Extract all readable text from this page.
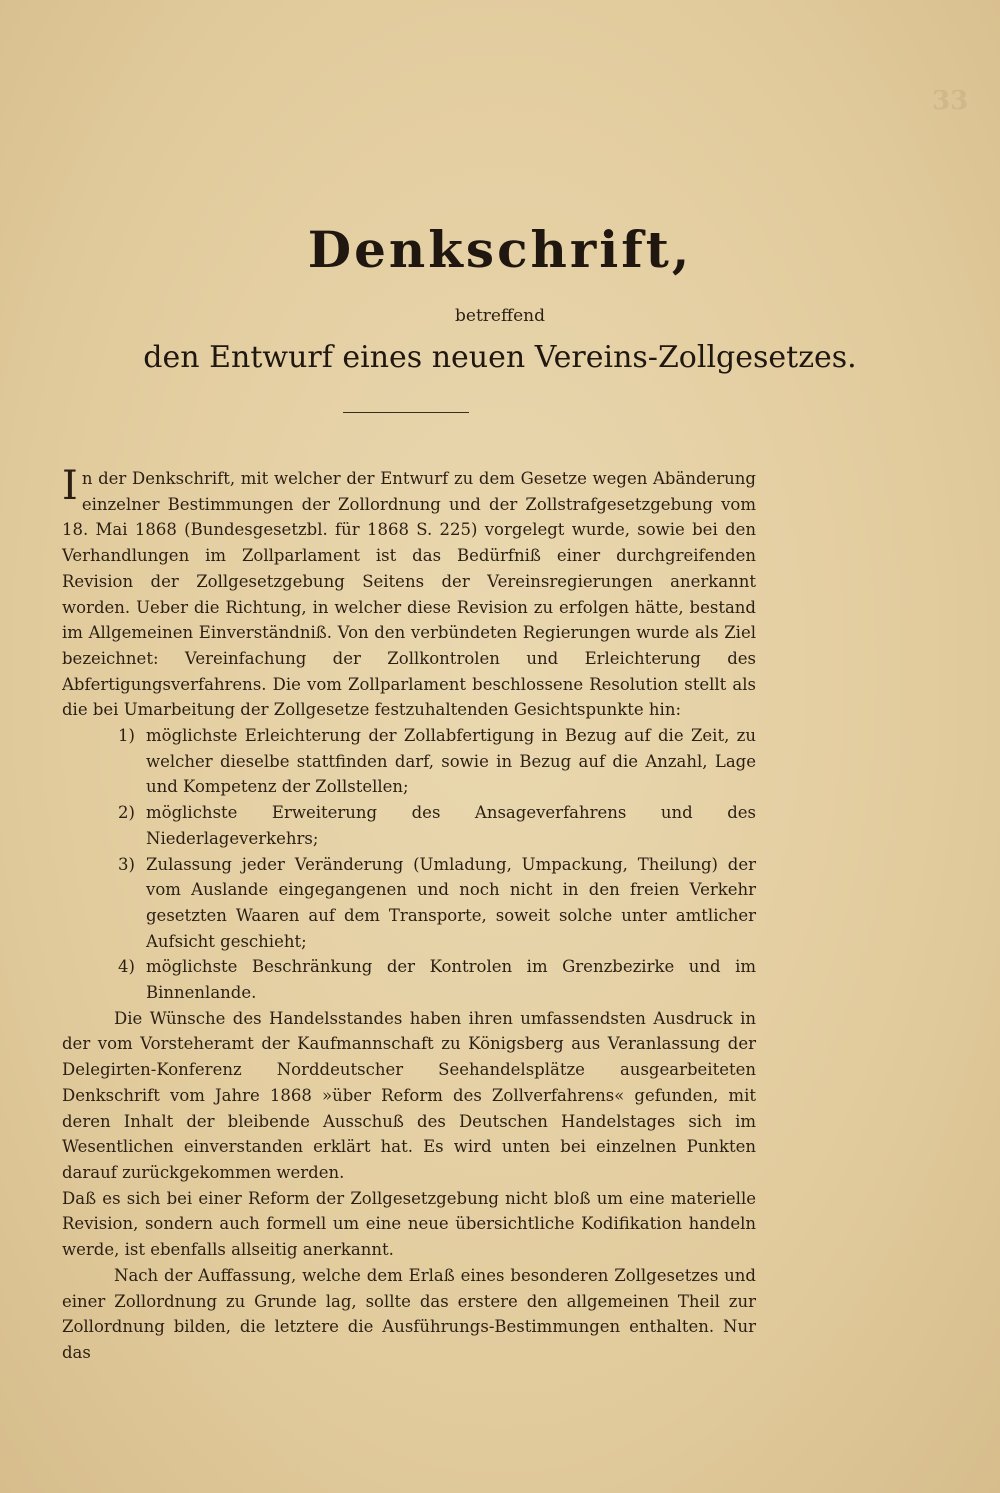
33
Denkschrift,
betreffend
den Entwurf eines neuen Vereins-Zollgesetzes.

In der Denkschrift, mit welcher der Entwurf zu dem Gesetze wegen Abänderung einzelner Bestimmungen der Zollordnung und der Zollstrafgesetzgebung vom 18. Mai 1868 (Bundesgesetzbl. für 1868 S. 225) vorgelegt wurde, sowie bei den Verhandlungen im Zollparlament ist das Bedürfniß einer durchgreifenden Revision der Zollgesetzgebung Seitens der Vereinsregierungen anerkannt worden. Ueber die Richtung, in welcher diese Revision zu erfolgen hätte, bestand im Allgemeinen Einverständniß. Von den verbündeten Regierungen wurde als Ziel bezeichnet: Vereinfachung der Zollkontrolen und Erleichterung des Abfertigungsverfahrens. Die vom Zollparlament beschlossene Resolution stellt als die bei Umarbeitung der Zollgesetze festzuhaltenden Gesichtspunkte hin:

1) möglichste Erleichterung der Zollabfertigung in Bezug auf die Zeit, zu welcher dieselbe stattfinden darf, sowie in Bezug auf die Anzahl, Lage und Kompetenz der Zollstellen;
2) möglichste Erweiterung des Ansageverfahrens und des Niederlageverkehrs;
3) Zulassung jeder Veränderung (Umladung, Umpackung, Theilung) der vom Auslande eingegangenen und noch nicht in den freien Verkehr gesetzten Waaren auf dem Transporte, soweit solche unter amtlicher Aufsicht geschieht;
4) möglichste Beschränkung der Kontrolen im Grenzbezirke und im Binnenlande.

Die Wünsche des Handelsstandes haben ihren umfassendsten Ausdruck in der vom Vorsteheramt der Kaufmannschaft zu Königsberg aus Veranlassung der Delegirten-Konferenz Norddeutscher Seehandelsplätze ausgearbeiteten Denkschrift vom Jahre 1868 »über Reform des Zollverfahrens« gefunden, mit deren Inhalt der bleibende Ausschuß des Deutschen Handelstages sich im Wesentlichen einverstanden erklärt hat. Es wird unten bei einzelnen Punkten darauf zurückgekommen werden.

Daß es sich bei einer Reform der Zollgesetzgebung nicht bloß um eine materielle Revision, sondern auch formell um eine neue übersichtliche Kodifikation handeln werde, ist ebenfalls allseitig anerkannt.

Nach der Auffassung, welche dem Erlaß eines besonderen Zollgesetzes und einer Zollordnung zu Grunde lag, sollte das erstere den allgemeinen Theil zur Zollordnung bilden, die letztere die Ausführungs-Bestimmungen enthalten. Nur das
